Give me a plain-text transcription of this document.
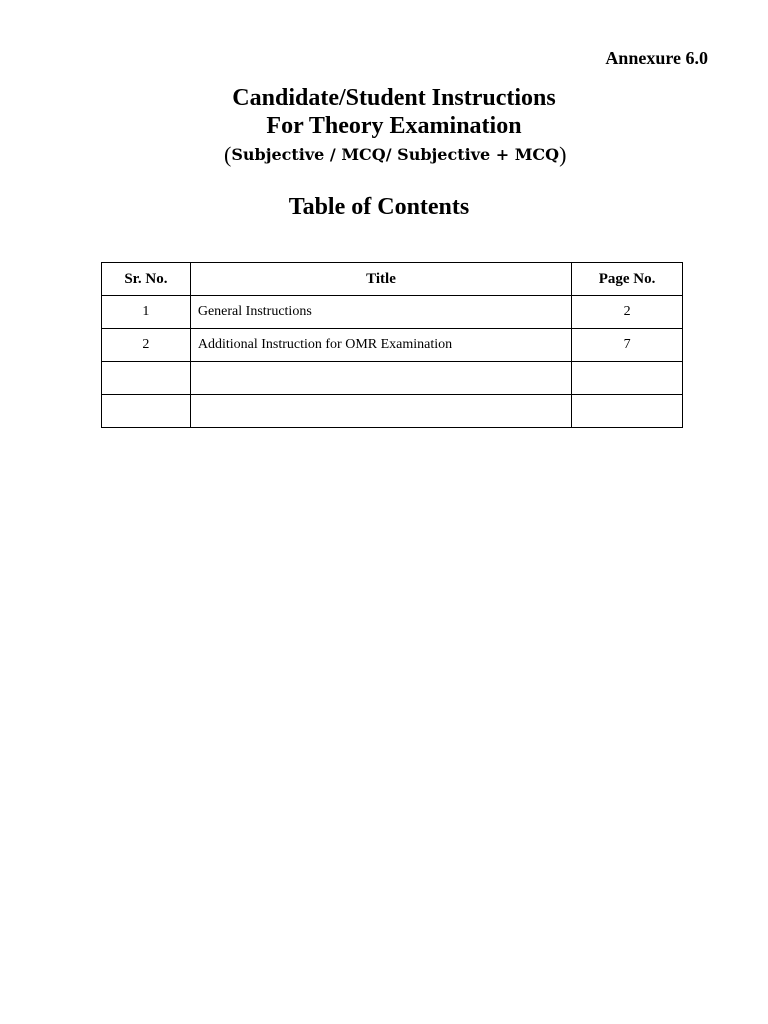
Annexure 6.0
Candidate/Student Instructions
For Theory Examination
(Subjective / MCQ/ Subjective + MCQ)
Table of Contents
Sr. No.	Title	Page No.
1	General Instructions	2
2	Additional Instruction for OMR Examination	7
